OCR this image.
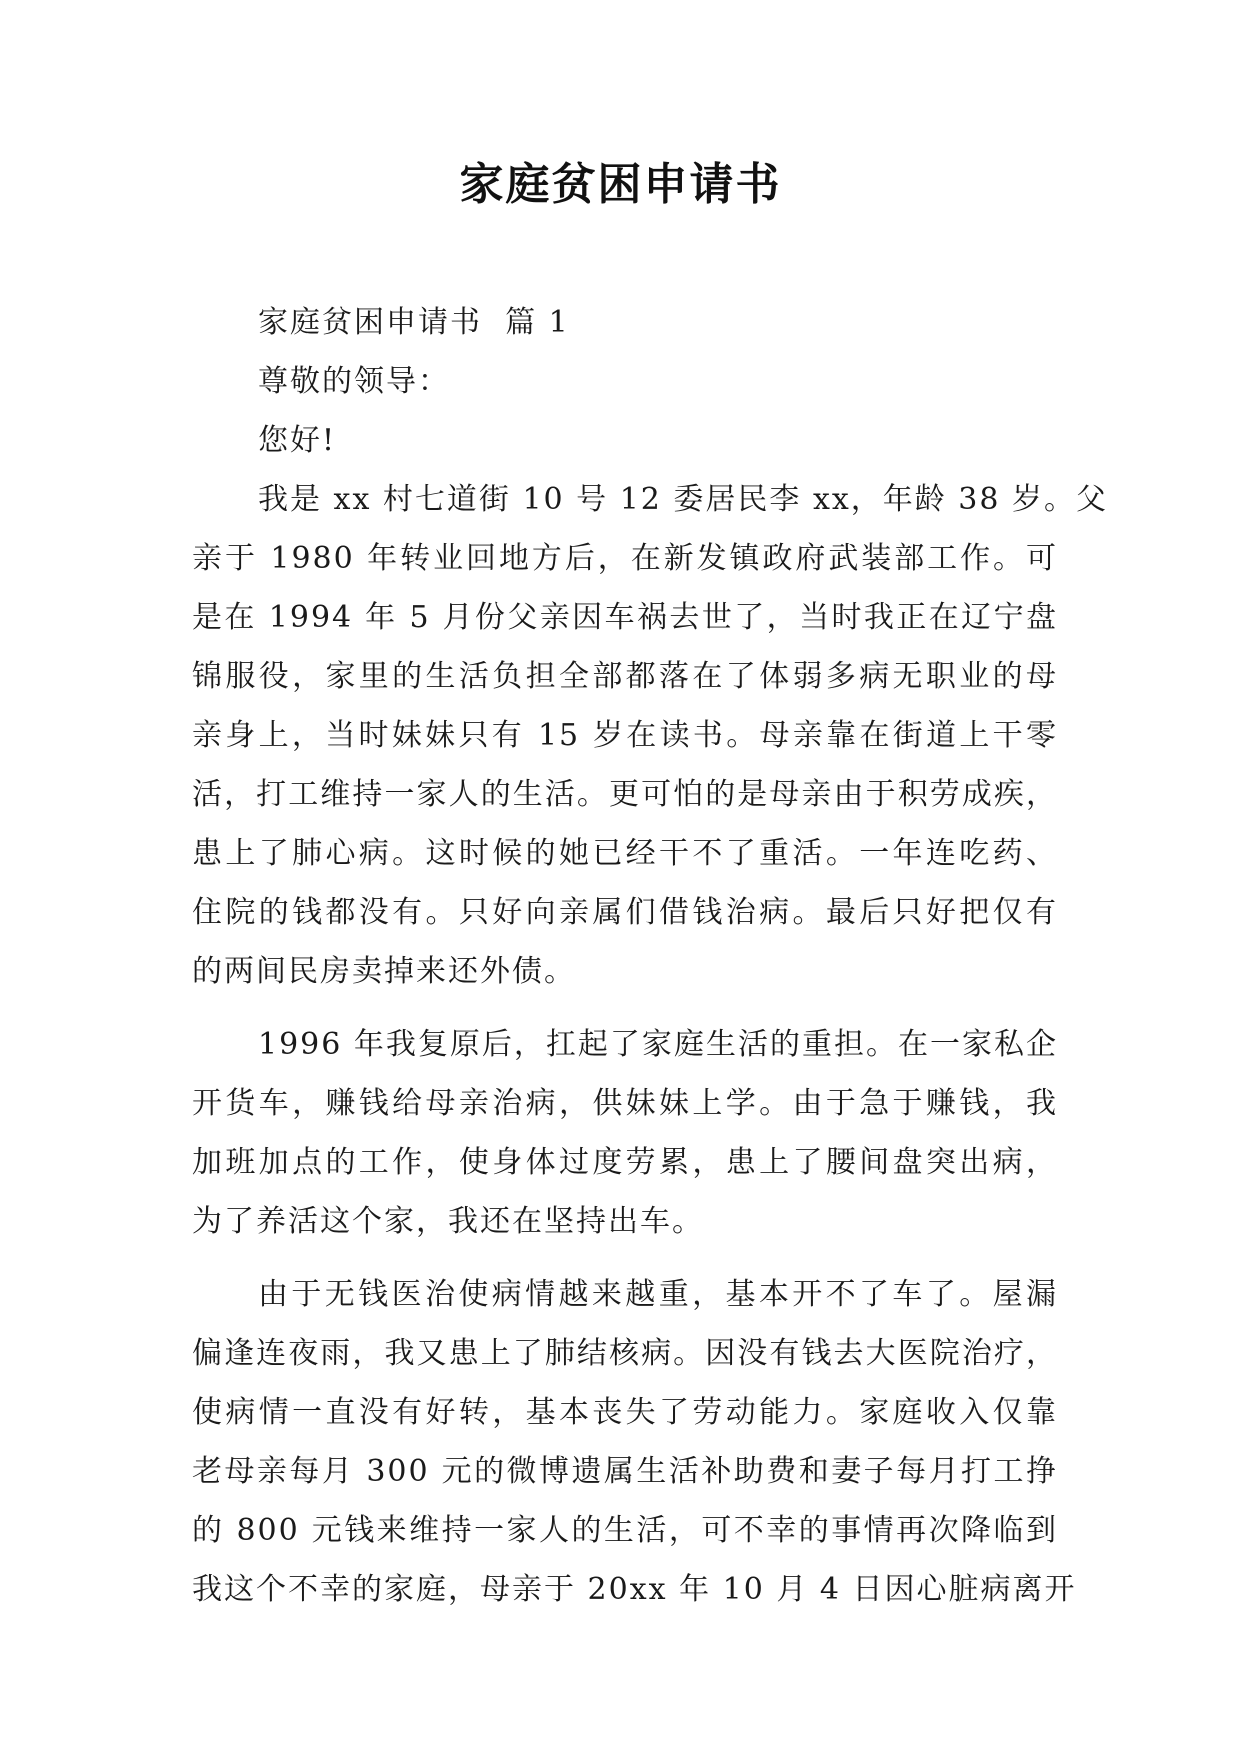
家庭贫困申请书
家庭贫困申请书  篇 1
尊敬的领导：
您好!
我是 xx 村七道街 10 号 12 委居民李 xx，年龄 38 岁。父
亲于 1980 年转业回地方后，在新发镇政府武装部工作。可
是在 1994 年 5 月份父亲因车祸去世了，当时我正在辽宁盘
锦服役，家里的生活负担全部都落在了体弱多病无职业的母
亲身上，当时妹妹只有 15 岁在读书。母亲靠在街道上干零
活，打工维持一家人的生活。更可怕的是母亲由于积劳成疾，
患上了肺心病。这时候的她已经干不了重活。一年连吃药、
住院的钱都没有。只好向亲属们借钱治病。最后只好把仅有
的两间民房卖掉来还外债。
1996 年我复原后，扛起了家庭生活的重担。在一家私企
开货车，赚钱给母亲治病，供妹妹上学。由于急于赚钱，我
加班加点的工作，使身体过度劳累，患上了腰间盘突出病，
为了养活这个家，我还在坚持出车。
由于无钱医治使病情越来越重，基本开不了车了。屋漏
偏逢连夜雨，我又患上了肺结核病。因没有钱去大医院治疗，
使病情一直没有好转，基本丧失了劳动能力。家庭收入仅靠
老母亲每月 300 元的微博遗属生活补助费和妻子每月打工挣
的 800 元钱来维持一家人的生活，可不幸的事情再次降临到
我这个不幸的家庭，母亲于 20xx 年 10 月 4 日因心脏病离开
